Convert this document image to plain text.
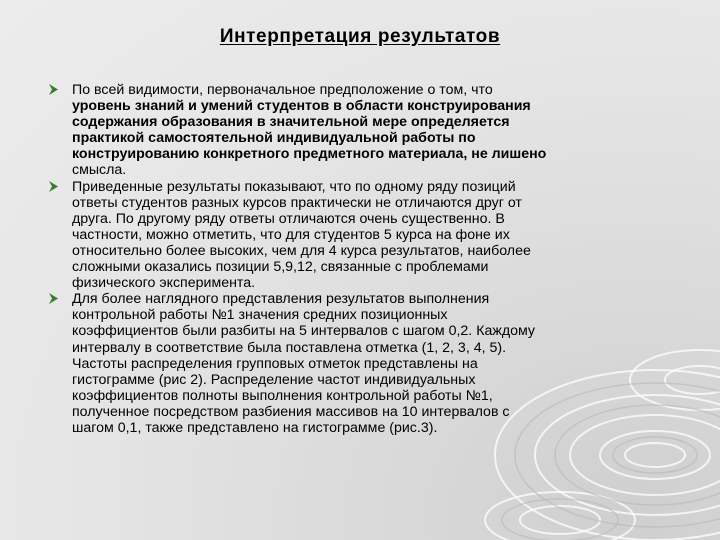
Интерпретация результатов
По всей видимости, первоначальное предположение о том, что
уровень знаний и умений студентов в области конструирования
содержания образования в значительной мере определяется
практикой самостоятельной индивидуальной работы по
конструированию конкретного предметного материала, не лишено
смысла.
Приведенные результаты показывают, что по одному ряду позиций
ответы студентов разных курсов практически не отличаются друг от
друга. По другому ряду ответы отличаются очень существенно. В
частности, можно отметить, что для студентов 5 курса на фоне их
относительно более высоких, чем для 4 курса результатов, наиболее
сложными оказались позиции 5,9,12, связанные с проблемами
физического эксперимента.
Для более наглядного представления результатов выполнения
контрольной работы №1 значения средних позиционных
коэффициентов были разбиты на 5 интервалов с шагом 0,2. Каждому
интервалу в соответствие была поставлена отметка (1, 2, 3, 4, 5).
Частоты распределения групповых отметок представлены на
гистограмме (рис 2). Распределение частот индивидуальных
коэффициентов полноты выполнения контрольной работы №1,
полученное посредством разбиения массивов на 10 интервалов с
шагом 0,1, также представлено на гистограмме (рис.3).
